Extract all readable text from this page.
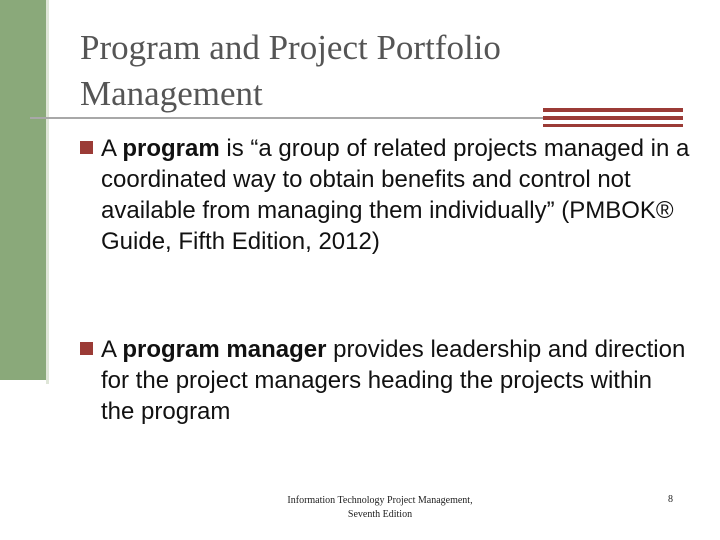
Program and Project Portfolio
Management
A program is “a group of related projects managed in a coordinated way to obtain benefits and control not available from managing them individually” (PMBOK® Guide, Fifth Edition, 2012)
A program manager provides leadership and direction for the project managers heading the projects within the program
Information Technology Project Management,
Seventh Edition
8
